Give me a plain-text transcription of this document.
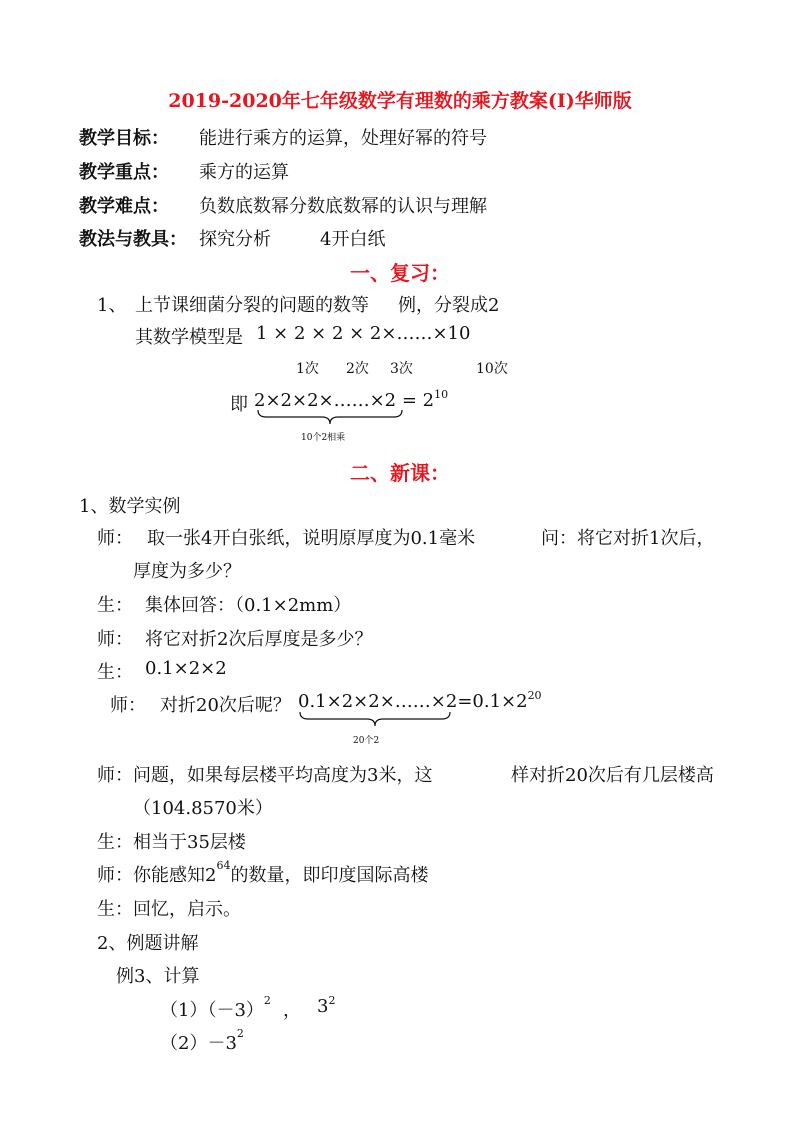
2019-2020年七年级数学有理数的乘方教案(I)华师版
教学目标： 能进行乘方的运算，处理好幂的符号
教学重点： 乘方的运算
教学难点： 负数底数幂分数底数幂的认识与理解
教法与教具： 探究分析	4开白纸
一、复习：
1、 上节课细菌分裂的问题的数等 例，分裂成2
其数学模型是 1 × 2 × 2 × 2×……×10
1次 2次 3次	10次
即 2×2×2×……×2 = $2^{10}$
10个2相乘
二、新课：
1、数学实例
师： 取一张4开白张纸，说明原厚度为0.1毫米	问：将它对折1次后，
厚度为多少？
生： 集体回答：（0.1×2mm）
师： 将它对折2次后厚度是多少？
生： 0.1×2×2
师： 对折20次后呢？ $0.1\times 2\times 2\times\dots\dots\times 2=0.1\times 2^{20}$
20个2
师：问题，如果每层楼平均高度为3米，这	样对折20次后有几层楼高
（104.8570米）
生：相当于35层楼
师：你能感知$2^{64}$的数量，即印度国际高楼
生：回忆，启示。
2、例题讲解
例3、计算
$(1)(-3)^2$ ， $3^2$
$(2)-3^2$
